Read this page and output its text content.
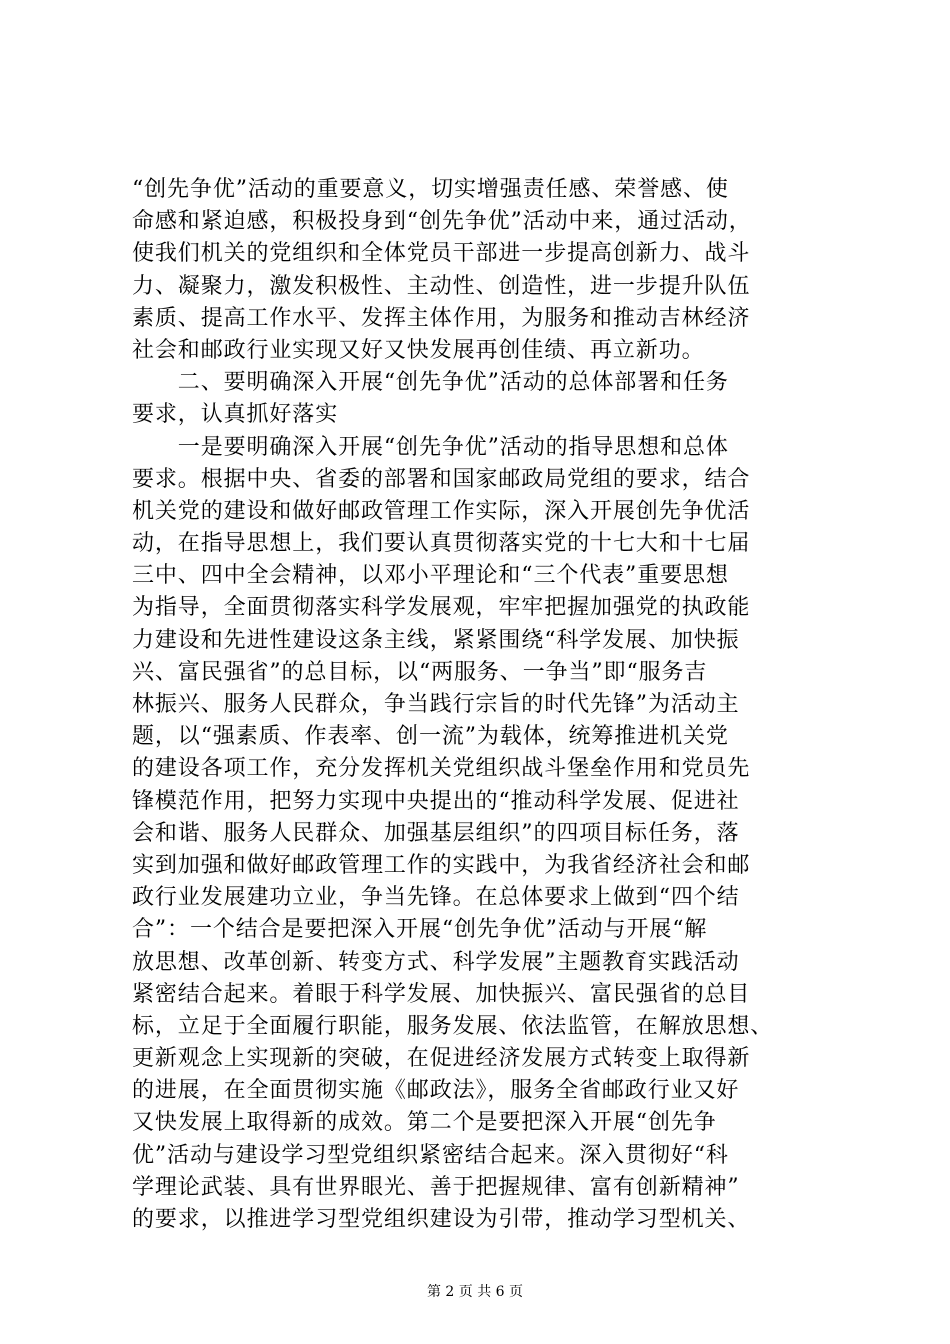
“创先争优”活动的重要意义，切实增强责任感、荣誉感、使
命感和紧迫感，积极投身到“创先争优”活动中来，通过活动，
使我们机关的党组织和全体党员干部进一步提高创新力、战斗
力、凝聚力，激发积极性、主动性、创造性，进一步提升队伍
素质、提高工作水平、发挥主体作用，为服务和推动吉林经济
社会和邮政行业实现又好又快发展再创佳绩、再立新功。
　　二、要明确深入开展“创先争优”活动的总体部署和任务
要求，认真抓好落实
　　一是要明确深入开展“创先争优”活动的指导思想和总体
要求。根据中央、省委的部署和国家邮政局党组的要求，结合
机关党的建设和做好邮政管理工作实际，深入开展创先争优活
动，在指导思想上，我们要认真贯彻落实党的十七大和十七届
三中、四中全会精神，以邓小平理论和“三个代表”重要思想
为指导，全面贯彻落实科学发展观，牢牢把握加强党的执政能
力建设和先进性建设这条主线，紧紧围绕“科学发展、加快振
兴、富民强省”的总目标，以“两服务、一争当”即“服务吉
林振兴、服务人民群众，争当践行宗旨的时代先锋”为活动主
题，以“强素质、作表率、创一流”为载体，统筹推进机关党
的建设各项工作，充分发挥机关党组织战斗堡垒作用和党员先
锋模范作用，把努力实现中央提出的“推动科学发展、促进社
会和谐、服务人民群众、加强基层组织”的四项目标任务，落
实到加强和做好邮政管理工作的实践中，为我省经济社会和邮
政行业发展建功立业，争当先锋。在总体要求上做到“四个结
合”：一个结合是要把深入开展“创先争优”活动与开展“解
放思想、改革创新、转变方式、科学发展”主题教育实践活动
紧密结合起来。着眼于科学发展、加快振兴、富民强省的总目
标，立足于全面履行职能，服务发展、依法监管，在解放思想、
更新观念上实现新的突破，在促进经济发展方式转变上取得新
的进展，在全面贯彻实施《邮政法》，服务全省邮政行业又好
又快发展上取得新的成效。第二个是要把深入开展“创先争
优”活动与建设学习型党组织紧密结合起来。深入贯彻好“科
学理论武装、具有世界眼光、善于把握规律、富有创新精神”
的要求，以推进学习型党组织建设为引带，推动学习型机关、
第 2 页 共 6 页
